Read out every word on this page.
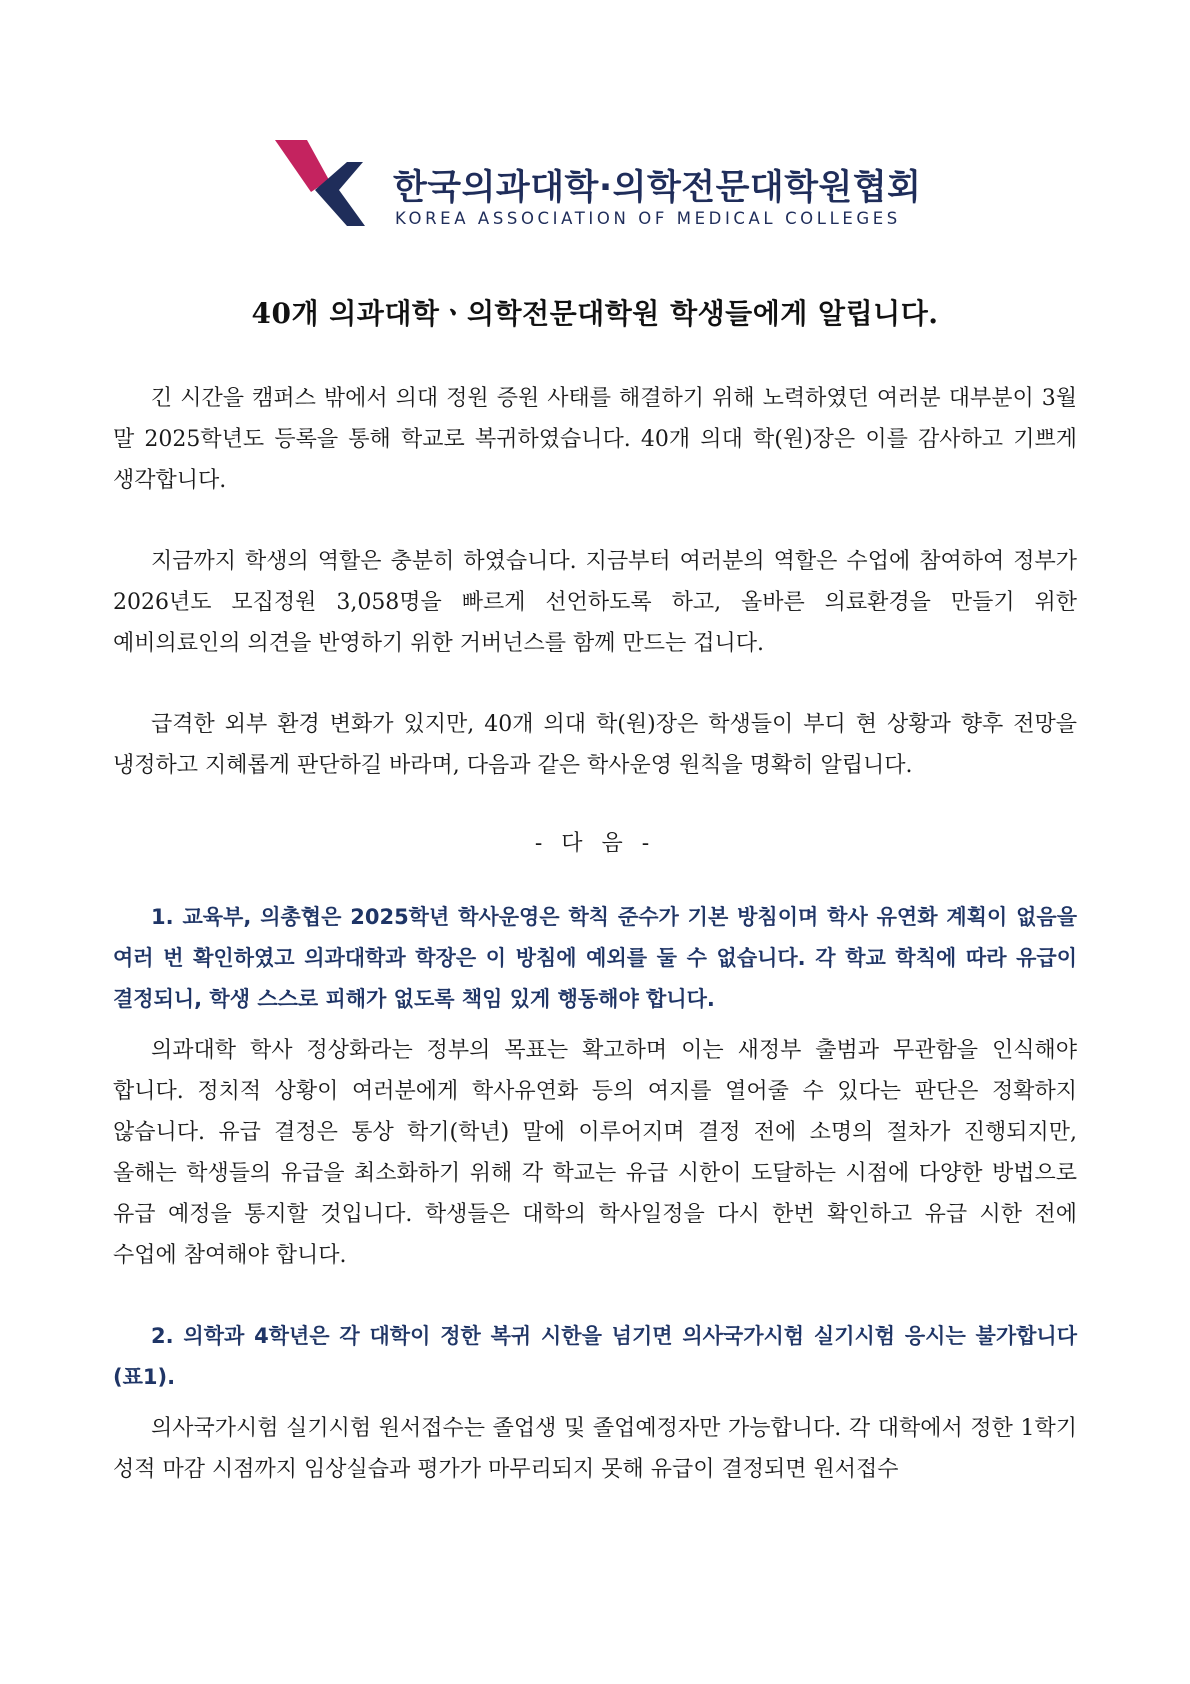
한국의과대학·의학전문대학원협회
KOREA ASSOCIATION OF MEDICAL COLLEGES
40개 의과대학ㆍ의학전문대학원 학생들에게 알립니다.

긴 시간을 캠퍼스 밖에서 의대 정원 증원 사태를 해결하기 위해 노력하였던 여러분 대부분이 3월 말 2025학년도 등록을 통해 학교로 복귀하였습니다. 40개 의대 학(원)장은 이를 감사하고 기쁘게 생각합니다.

지금까지 학생의 역할은 충분히 하였습니다. 지금부터 여러분의 역할은 수업에 참여하여 정부가 2026년도 모집정원 3,058명을 빠르게 선언하도록 하고, 올바른 의료환경을 만들기 위한 예비의료인의 의견을 반영하기 위한 거버넌스를 함께 만드는 겁니다.

급격한 외부 환경 변화가 있지만, 40개 의대 학(원)장은 학생들이 부디 현 상황과 향후 전망을 냉정하고 지혜롭게 판단하길 바라며, 다음과 같은 학사운영 원칙을 명확히 알립니다.

- 다 음 -

1. 교육부, 의총협은 2025학년 학사운영은 학칙 준수가 기본 방침이며 학사 유연화 계획이 없음을 여러 번 확인하였고 의과대학과 학장은 이 방침에 예외를 둘 수 없습니다. 각 학교 학칙에 따라 유급이 결정되니, 학생 스스로 피해가 없도록 책임 있게 행동해야 합니다.

의과대학 학사 정상화라는 정부의 목표는 확고하며 이는 새정부 출범과 무관함을 인식해야 합니다. 정치적 상황이 여러분에게 학사유연화 등의 여지를 열어줄 수 있다는 판단은 정확하지 않습니다. 유급 결정은 통상 학기(학년) 말에 이루어지며 결정 전에 소명의 절차가 진행되지만, 올해는 학생들의 유급을 최소화하기 위해 각 학교는 유급 시한이 도달하는 시점에 다양한 방법으로 유급 예정을 통지할 것입니다. 학생들은 대학의 학사일정을 다시 한번 확인하고 유급 시한 전에 수업에 참여해야 합니다.

2. 의학과 4학년은 각 대학이 정한 복귀 시한을 넘기면 의사국가시험 실기시험 응시는 불가합니다(표1).

의사국가시험 실기시험 원서접수는 졸업생 및 졸업예정자만 가능합니다. 각 대학에서 정한 1학기 성적 마감 시점까지 임상실습과 평가가 마무리되지 못해 유급이 결정되면 원서접수
